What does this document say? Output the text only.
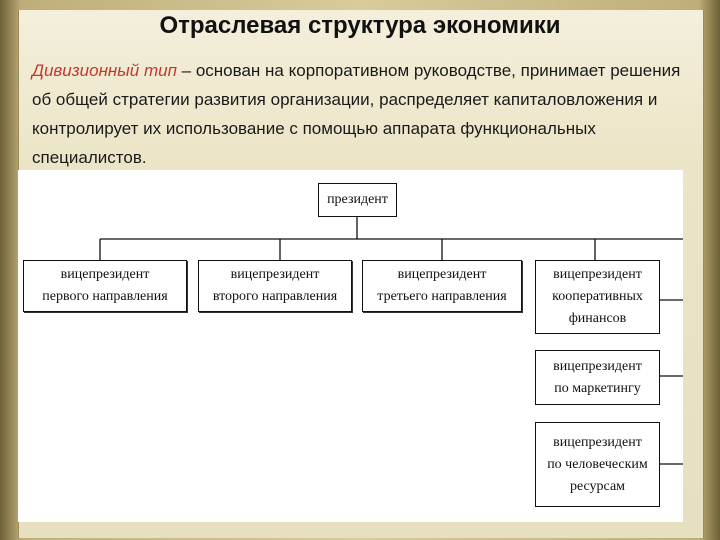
Отраслевая структура экономики

Дивизионный тип – основан на корпоративном руководстве, принимает решения об общей стратегии развития организации, распределяет капиталовложения и контролирует их использование с помощью аппарата функциональных специалистов.

президент
вицепрезидент
первого направления
вицепрезидент
второго направления
вицепрезидент
третьего направления
вицепрезидент
кооперативных
финансов
вицепрезидент
по маркетингу
вицепрезидент
по человеческим
ресурсам
